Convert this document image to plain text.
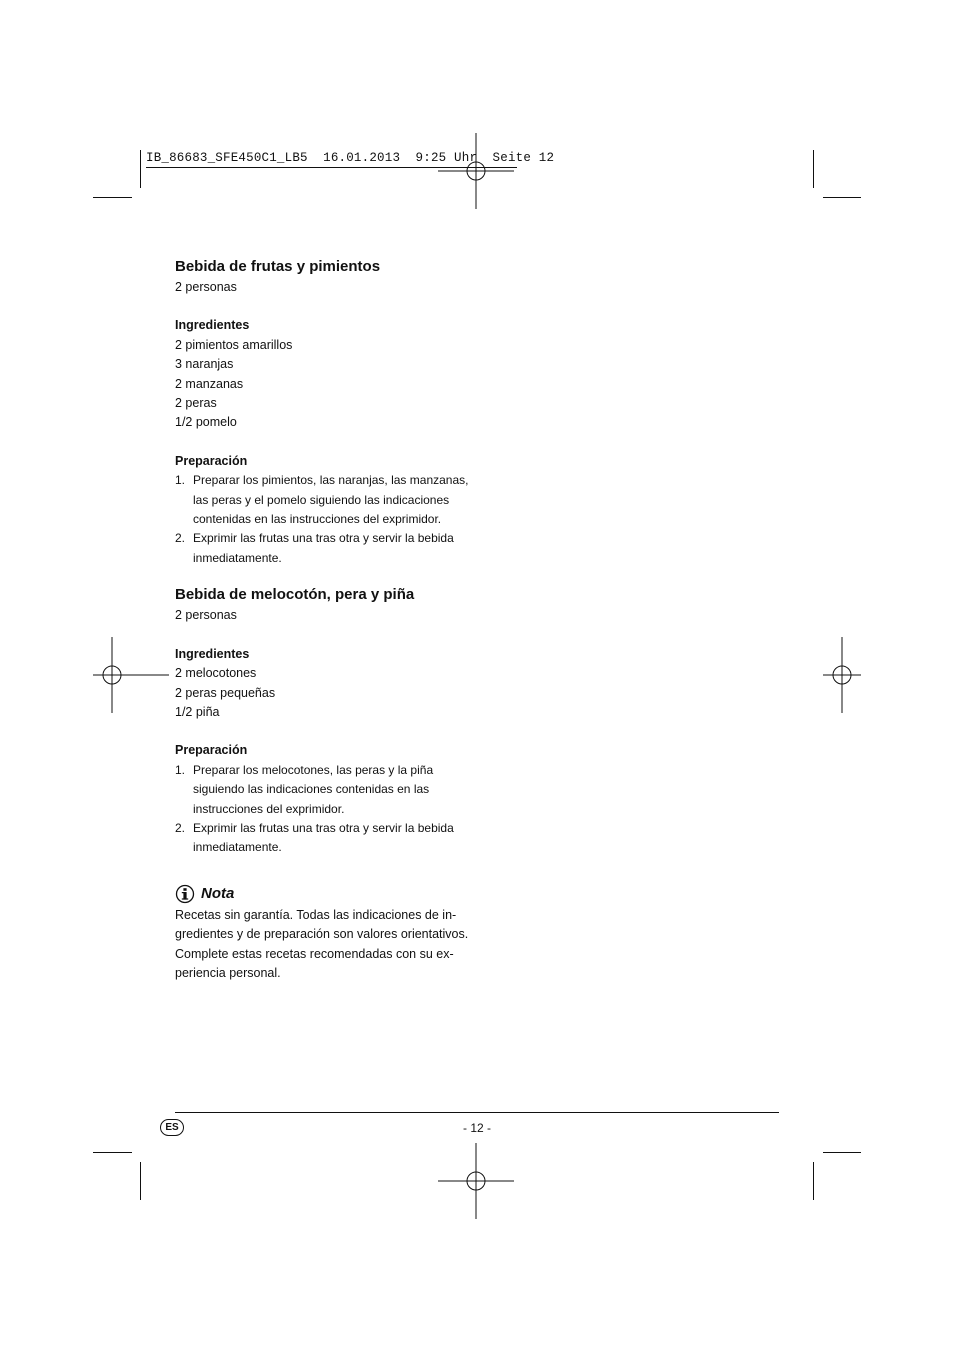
IB_86683_SFE450C1_LB5  16.01.2013  9:25 Uhr  Seite 12
Bebida de frutas y pimientos
2 personas
Ingredientes
2 pimientos amarillos
3 naranjas
2 manzanas
2 peras
1/2 pomelo
Preparación
1. Preparar los pimientos, las naranjas, las manzanas,
las peras y el pomelo siguiendo las indicaciones
contenidas en las instrucciones del exprimidor.
2. Exprimir las frutas una tras otra y servir la bebida
inmediatamente.
Bebida de melocotón, pera y piña
2 personas
Ingredientes
2 melocotones
2 peras pequeñas
1/2 piña
Preparación
1. Preparar los melocotones, las peras y la piña
siguiendo las indicaciones contenidas en las
instrucciones del exprimidor.
2. Exprimir las frutas una tras otra y servir la bebida
inmediatamente.
Nota
Recetas sin garantía. Todas las indicaciones de in-
gredientes y de preparación son valores orientativos.
Complete estas recetas recomendadas con su ex-
periencia personal.
ES	- 12 -
